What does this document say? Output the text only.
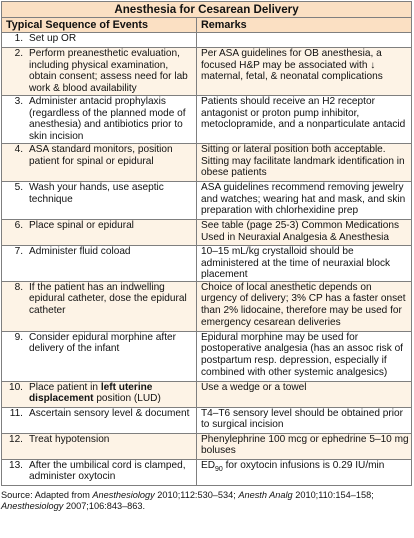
Anesthesia for Cesarean Delivery	
Typical Sequence of Events	Remarks

1. Set up OR	

2. Perform preanesthetic evaluation, including physical examination, obtain consent; assess need for lab work & blood availability	Per ASA guidelines for OB anesthesia, a focused H&P may be associated with ↓ maternal, fetal, & neonatal complications

3. Administer antacid prophylaxis (regardless of the planned mode of anesthesia) and antibiotics prior to skin incision	Patients should receive an H2 receptor antagonist or proton pump inhibitor, metoclopramide, and a nonparticulate antacid

4. ASA standard monitors, position patient for spinal or epidural	Sitting or lateral position both acceptable. Sitting may facilitate landmark identification in obese patients

5. Wash your hands, use aseptic technique	ASA guidelines recommend removing jewelry and watches; wearing hat and mask, and skin preparation with chlorhexidine prep

6. Place spinal or epidural	See table (page 25-3) Common Medications Used in Neuraxial Analgesia & Anesthesia

7. Administer fluid coload	10–15 mL/kg crystalloid should be administered at the time of neuraxial block placement

8. If the patient has an indwelling epidural catheter, dose the epidural catheter	Choice of local anesthetic depends on urgency of delivery; 3% CP has a faster onset than 2% lidocaine, therefore may be used for emergency cesarean deliveries

9. Consider epidural morphine after delivery of the infant	Epidural morphine may be used for postoperative analgesia (has an assoc risk of postpartum resp. depression, especially if combined with other systemic analgesics)

10. Place patient in left uterine displacement position (LUD)	Use a wedge or a towel

11. Ascertain sensory level & document	T4–T6 sensory level should be obtained prior to surgical incision

12. Treat hypotension	Phenylephrine 100 mcg or ephedrine 5–10 mg boluses

13. After the umbilical cord is clamped, administer oxytocin	$ED_{90}$ for oxytocin infusions is 0.29 IU/min
Source: Adapted from Anesthesiology 2010;112:530–534; Anesth Analg 2010;110:154–158; Anesthesiology 2007;106:843–863.
